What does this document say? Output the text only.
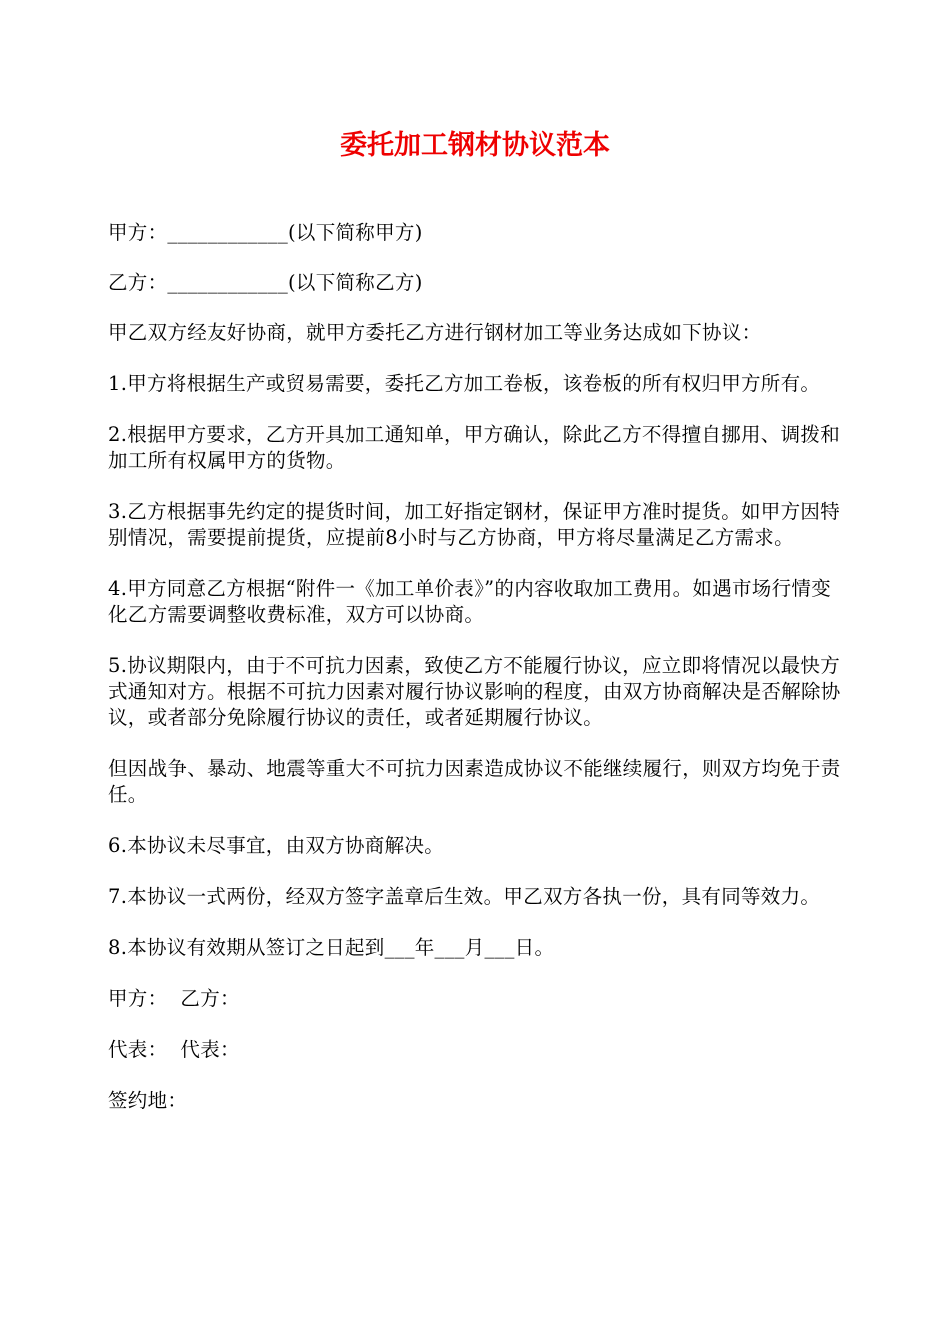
委托加工钢材协议范本

甲方：____________(以下简称甲方)

乙方：____________(以下简称乙方)

甲乙双方经友好协商，就甲方委托乙方进行钢材加工等业务达成如下协议：

1.甲方将根据生产或贸易需要，委托乙方加工卷板，该卷板的所有权归甲方所有。

2.根据甲方要求，乙方开具加工通知单，甲方确认，除此乙方不得擅自挪用、调拨和加工所有权属甲方的货物。

3.乙方根据事先约定的提货时间，加工好指定钢材，保证甲方准时提货。如甲方因特别情况，需要提前提货，应提前8小时与乙方协商，甲方将尽量满足乙方需求。

4.甲方同意乙方根据“附件一《加工单价表》”的内容收取加工费用。如遇市场行情变化乙方需要调整收费标准，双方可以协商。

5.协议期限内，由于不可抗力因素，致使乙方不能履行协议，应立即将情况以最快方式通知对方。根据不可抗力因素对履行协议影响的程度，由双方协商解决是否解除协议，或者部分免除履行协议的责任，或者延期履行协议。

但因战争、暴动、地震等重大不可抗力因素造成协议不能继续履行，则双方均免于责任。

6.本协议未尽事宜，由双方协商解决。

7.本协议一式两份，经双方签字盖章后生效。甲乙双方各执一份，具有同等效力。

8.本协议有效期从签订之日起到___年___月___日。

甲方：  乙方：

代表：  代表：

签约地：
